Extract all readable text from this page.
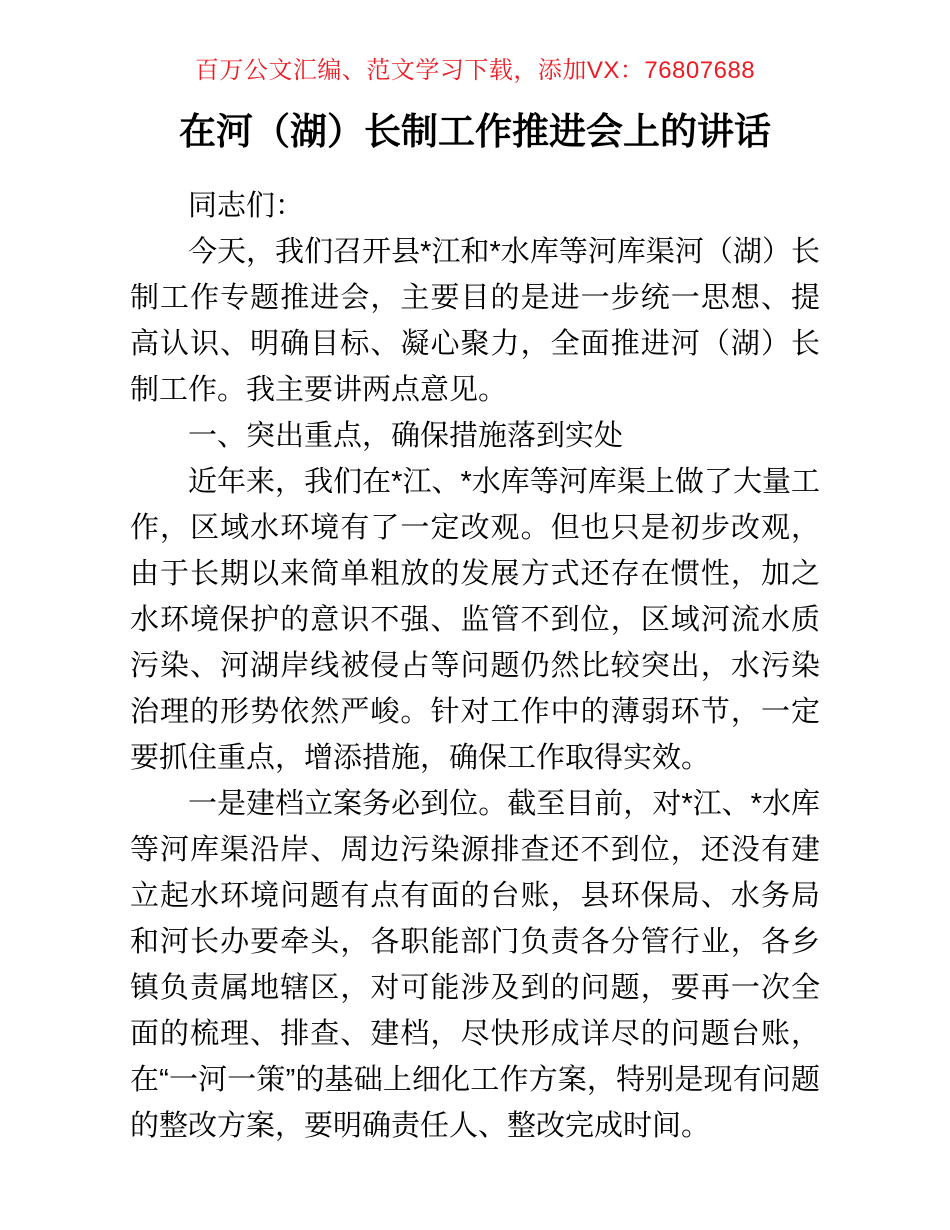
百万公文汇编、范文学习下载，添加VX：76807688
在河（湖）长制工作推进会上的讲话

同志们：

今天，我们召开县*江和*水库等河库渠河（湖）长制工作专题推进会，主要目的是进一步统一思想、提高认识、明确目标、凝心聚力，全面推进河（湖）长制工作。我主要讲两点意见。

一、突出重点，确保措施落到实处

近年来，我们在*江、*水库等河库渠上做了大量工作，区域水环境有了一定改观。但也只是初步改观，由于长期以来简单粗放的发展方式还存在惯性，加之水环境保护的意识不强、监管不到位，区域河流水质污染、河湖岸线被侵占等问题仍然比较突出，水污染治理的形势依然严峻。针对工作中的薄弱环节，一定要抓住重点，增添措施，确保工作取得实效。

一是建档立案务必到位。截至目前，对*江、*水库等河库渠沿岸、周边污染源排查还不到位，还没有建立起水环境问题有点有面的台账，县环保局、水务局和河长办要牵头，各职能部门负责各分管行业，各乡镇负责属地辖区，对可能涉及到的问题，要再一次全面的梳理、排查、建档，尽快形成详尽的问题台账，在“一河一策”的基础上细化工作方案，特别是现有问题的整改方案，要明确责任人、整改完成时间。
